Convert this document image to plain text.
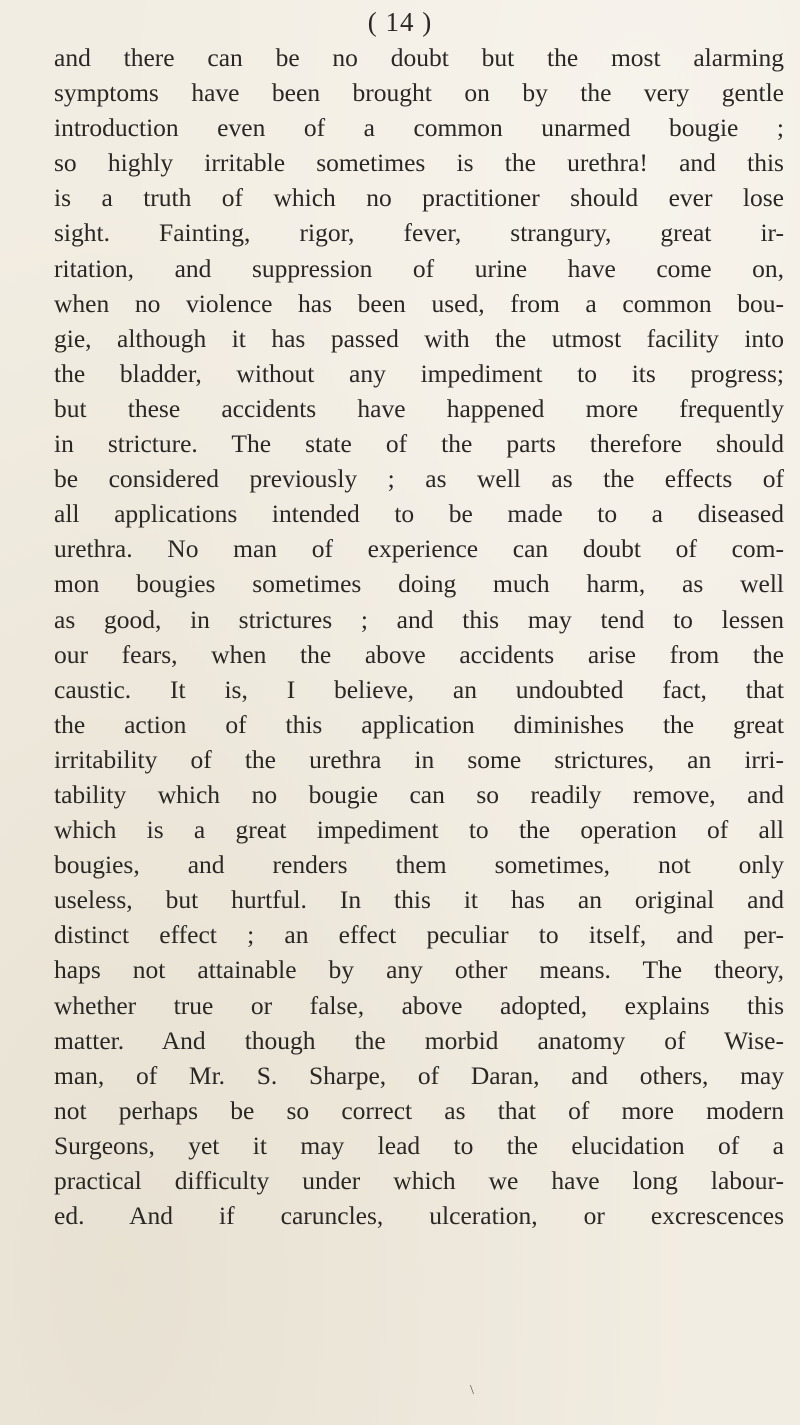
( 14 )
and there can be no doubt but the most alarming
symptoms have been brought on by the very gentle
introduction even of a common unarmed bougie ;
so highly irritable sometimes is the urethra! and this
is a truth of which no practitioner should ever lose
sight. Fainting, rigor, fever, strangury, great ir-
ritation, and suppression of urine have come on,
when no violence has been used, from a common bou-
gie, although it has passed with the utmost facility into
the bladder, without any impediment to its progress;
but these accidents have happened more frequently
in stricture. The state of the parts therefore should
be considered previously ; as well as the effects of
all applications intended to be made to a diseased
urethra. No man of experience can doubt of com-
mon bougies sometimes doing much harm, as well
as good, in strictures ; and this may tend to lessen
our fears, when the above accidents arise from the
caustic. It is, I believe, an undoubted fact, that
the action of this application diminishes the great
irritability of the urethra in some strictures, an irri-
tability which no bougie can so readily remove, and
which is a great impediment to the operation of all
bougies, and renders them sometimes, not only
useless, but hurtful. In this it has an original and
distinct effect ; an effect peculiar to itself, and per-
haps not attainable by any other means. The theory,
whether true or false, above adopted, explains this
matter. And though the morbid anatomy of Wise-
man, of Mr. S. Sharpe, of Daran, and others, may
not perhaps be so correct as that of more modern
Surgeons, yet it may lead to the elucidation of a
practical difficulty under which we have long labour-
ed. And if caruncles, ulceration, or excrescences
\
